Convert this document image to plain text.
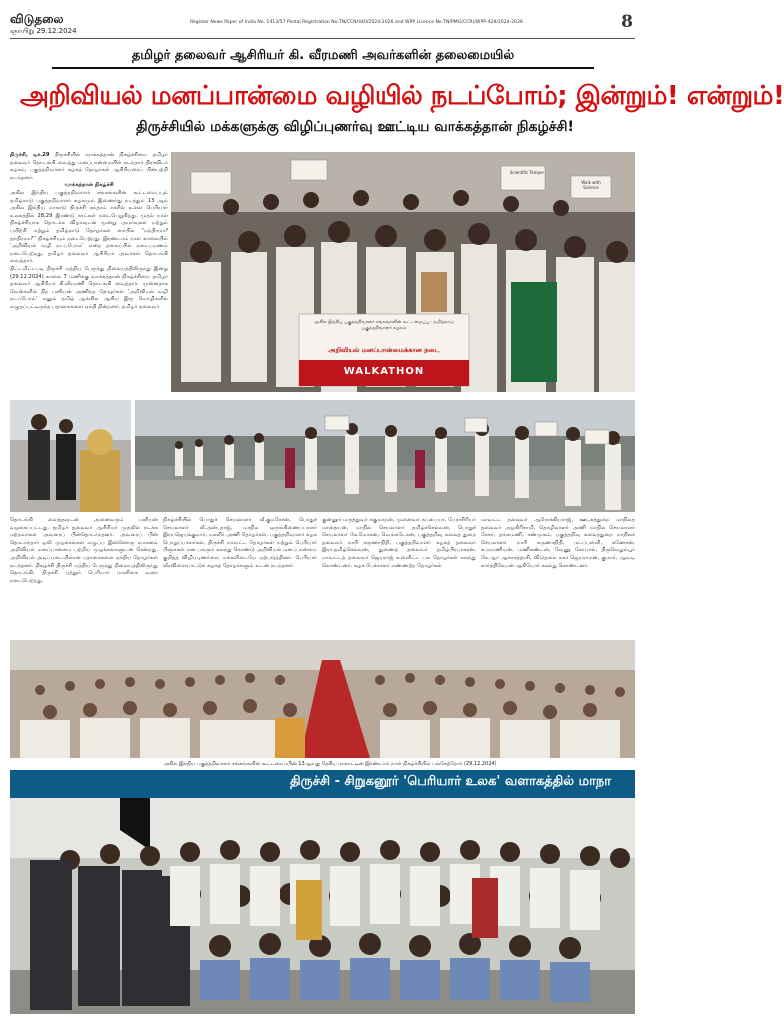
விடுதலை
ஞாயிறு 29.12.2024
Register News Paper of India No. 1413/57 Postal Registration No.TN/CCN/440/2024-2026 and WPP Licence No.TN/PMG(CCR)/WPP-429/2024-2026	8
தமிழர் தலைவர் ஆசிரியர் கி. வீரமணி அவர்களின் தலைமையில்
அறிவியல் மனப்பான்மை வழியில் நடப்போம்; இன்றும்! என்றும்!
திருச்சியில் மக்களுக்கு விழிப்புணர்வு ஊட்டிய வாக்கத்தான் நிகழ்ச்சி!
திருச்சி, டிச.29 திருச்சியில் வாக்கத்தான் நிகழ்ச்சியை தமிழர் தலைவர் தொடங்கி வைத்து மனப்பான்மையில் நடந்தார் திராவிடர் கழகம், பகுத்தறிவாளர் கழகத் தோழர்கள் ஆசிரியரைப் பின்பற்றி நடந்தனர்.
வாக்கத்தான் நிகழ்ச்சி
அகில இந்திய பகுத்தறிவாளர் சங்கங்களின் கூட்டமைப்பும் தமிழ்நாடு பகுத்தறிவாளர் கழகமும் இணைந்து நடத்தும் 13 ஆம் அகில இந்திய மாநாடு திருச்சி சுந்தரம் நகரில் உள்ள பெரியார் உலகத்தில் 28,29 இரண்டு நாட்கள் நடைபெறுகிறது. முதல் நாள் நிகழ்ச்சியாக தொடக்க விழாவுடன் மூன்று அமர்வுகள் மற்றும் பயிற்சி மற்றும் தமிழ்நாடு தோழர்கள் சார்பில் “மந்திரமா? தந்திரமா?” நிகழ்ச்சியும் நடைபெற்றது. இரண்டாம் நாள் காலையில் ‘அறிவியல் வழி நடப்போம்’ என்ற தலைப்பில் நடைபயணம் நடைபெற்றது. தமிழர் தலைவர் ஆசிரியர் அவர்கள் தொடங்கி வைத்தார்.
திட்டமிட்டபடி திருச்சி மத்திய பேருந்து நிலையத்திலிருந்து இன்று (29.12.2024) காலை 7 மணிக்கு வாக்கத்தான் நிகழ்ச்சியை தமிழர் தலைவர் ஆசிரியர் கி.வீரமணி தொடங்கி வைத்தார். முன்னதாக வேன்களில் நிற பனியன் அணிந்த தோழர்கள் ‘அறிவியல் வழி நடப்போம்’ எனும் தமிழ் ஆங்கில ஆகிய இரு மொழிகளில் எழுதப்பட்டிருந்த பதாகைகளை ஏந்தி நின்றனர். தமிழர் தலைவர்
அகில இந்திய பகுத்தறிவாளர் சங்கங்களின் கூட்டமைப்பு - தமிழ்நாடு பகுத்தறிவாளர் கழகம்
அறிவியல் மனப்பான்மைக்கான நடை
WALKATHON
Scientific Temper
Walk with Science
தொடங்கி வைத்தவுடன் அனைவரும் பனியன் வழங்கப்பட்டது. தமிழர் தலைவர் ஆசிரியர் முதலில் நடக்க மற்றவர்கள் அவரைப் பின்தொடர்ந்தனர். அவரைப் பின் தொடர்ந்தார் ஒலி முழக்கங்கள் எழுப்ப இன்னொரு வாகனம் அறிவியல் மனப்பான்மை பற்றிய முழக்கங்களுடன் சென்றது. அறிவியல் அடிப்படையிலான பதாகைகளை ஏந்திய தோழர்கள் நடந்தனர். நிகழ்ச்சி திருச்சி மத்திய பேருந்து நிலையத்திலிருந்து தொடங்கி, திருச்சி புத்தூர் பெரியார் மாளிகை வரை நடைபெற்றது.
நிகழ்ச்சியில் பொதுச் செயலாளர் வீ.குமரேசன், பொதுச் செயலாளர் வீ.அன்புராஜ், மாநில ஒருங்கிணைப்பாளர் இரா.ஜெயக்குமார், மகளிர் அணி தோழர்கள், பகுத்தறிவாளர் கழக பொறுப்பாளர்கள், திருச்சி மாவட்ட தோழர்கள் மற்றும் பெரியார் பிஞ்சுகள் என பலரும் கலந்து கொண்டு அறிவியல் மனப்பான்மை குறித்த விழிப்புணர்வை மக்களிடையே ஏற்படுத்தினர். பெரியார் வீரவிளையாட்டுக் கழகத் தோழர்களும் உடன் நடந்தனர்.
குன்னூர் மருத்துவர் சுகுமாறன், முனைவர் சுப்பையா, பேராசிரியர் மாதையன், மாநில செயலாளர் தமிழ்ச்செல்வன், பொதுச் செயலாளர் கே.மோகன், வெங்கடேசன், பகுத்தறிவு கலைத் துறை தலைவர் மாரி கருணாநிதி, பகுத்தறிவாளர் கழகத் தலைவர் இரா.தமிழ்செல்வன், துணைத் தலைவர் தமிழ்பிரபாகரன், மாவட்டத் தலைவர் ஜெயராஜ் உள்ளிட்ட பல தோழர்கள் கலந்து கொண்டனர். கழக பேச்சாளர் எண்ணற்ற தோழர்கள்
மாவட்ட தலைவர் ஆரோக்கியராஜ், ஊடகத்துறை மாநிலத் தலைவர் அழகிரிசாமி, தொழிலாளர் அணி மாநில செயலாளர் சேகர், தங்கமணி, சண்முகம், பகுத்தறிவு கலைத்துறை மாநிலச் செயலாளர் மாரி கருணாநிதி, மடப்பள்ளி, கணேசன், சுப்ரமணியன், மணிகண்டன், வேணு கோபால், திருவெறும்பூர் கே.ஆர் ஆகாசத்தரசி, விடுதலை நகர் ஜெயராமன், குமார், ஆவடி கார்த்திகேயன் ஆகியோர் கலந்து கொண்டனர்.
அகில இந்திய பகுத்தறிவாளர் சங்கங்களின் கூட்டமைப்பின் 13ஆவது தேசிய மாநாட்டின் இரண்டாம் நாள் நிகழ்ச்சியில் பங்கேற்றோர் (29.12.2024)
திருச்சி - சிறுகனூர் 'பெரியார் உலக' வளாகத்தில் மாநா
